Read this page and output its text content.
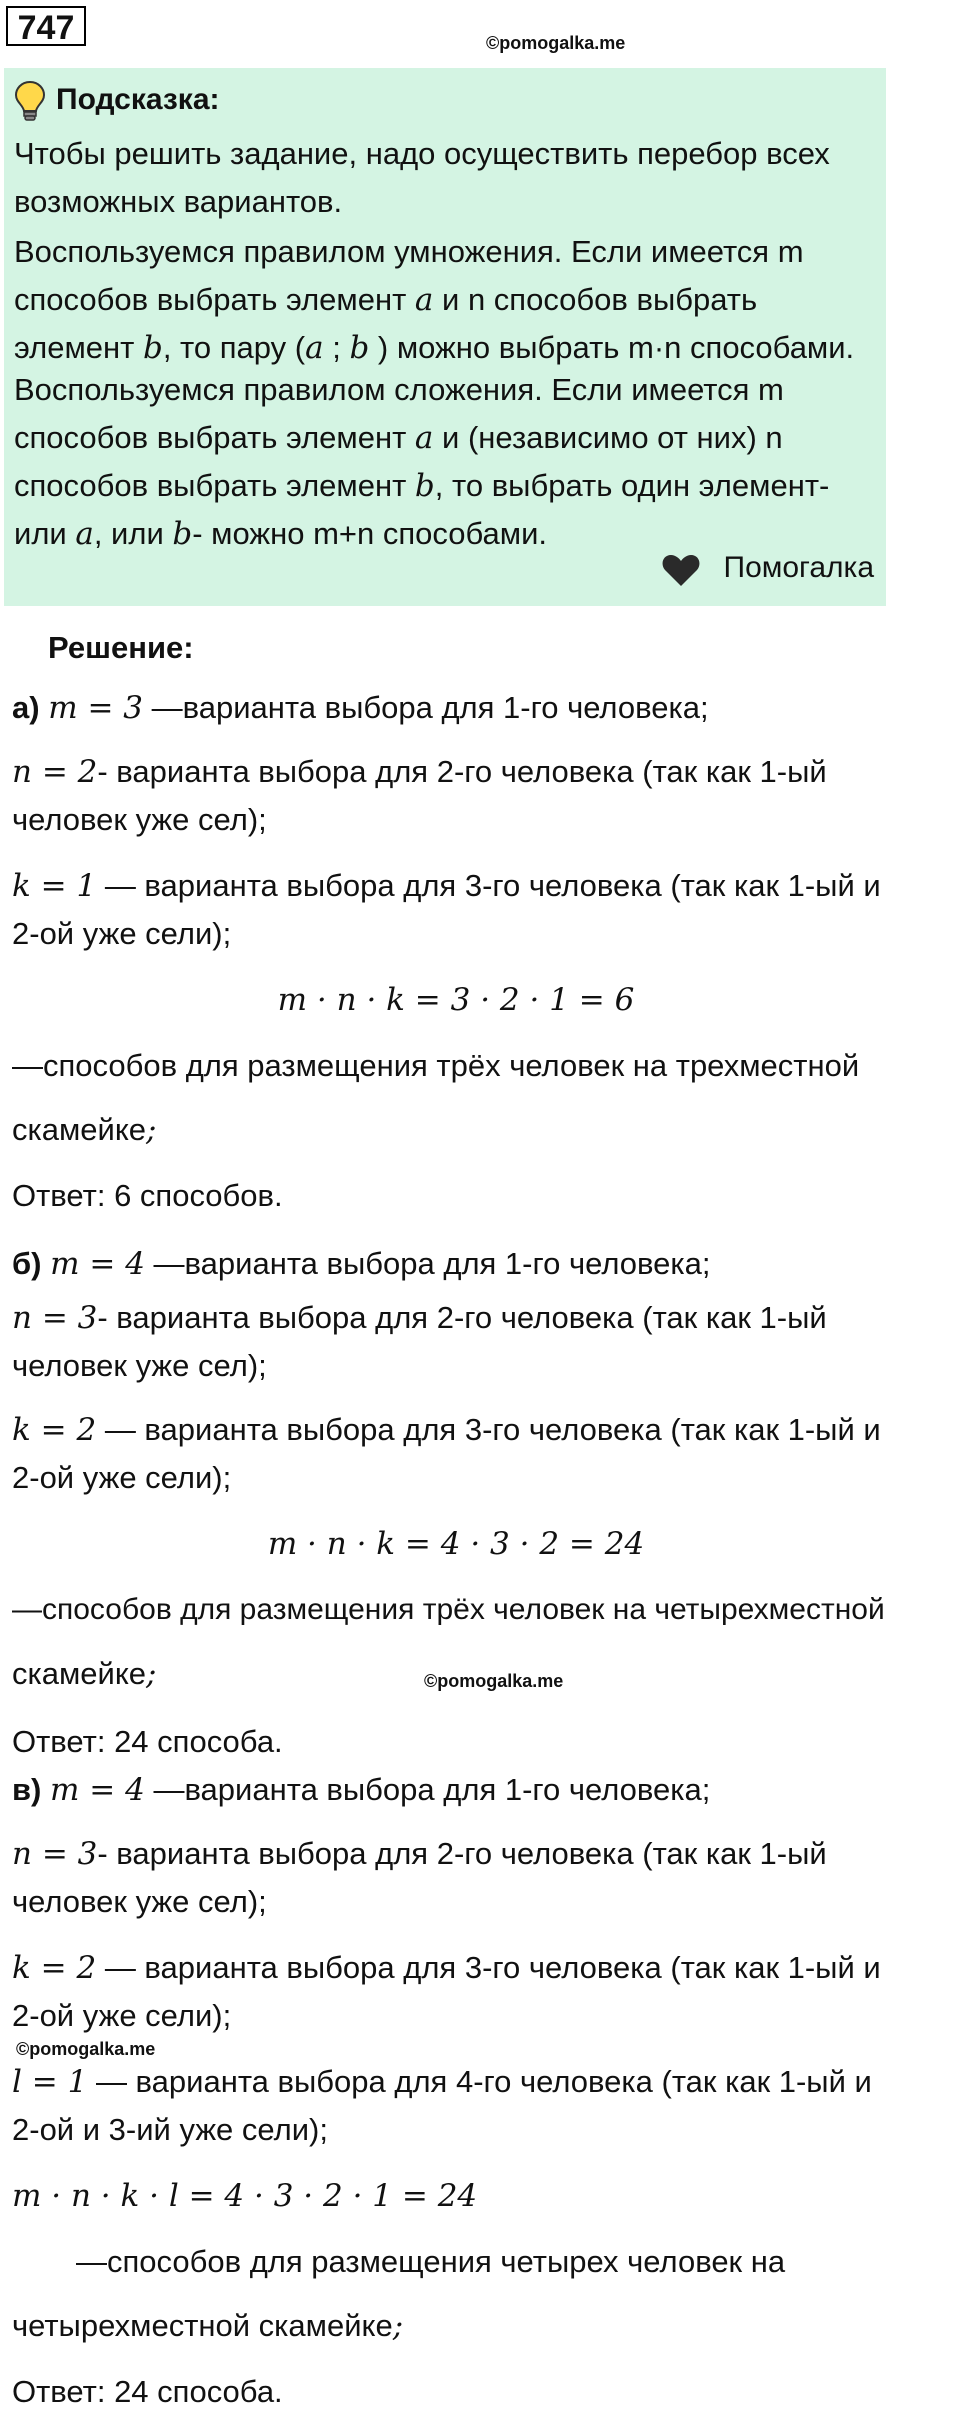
747	©pomogalka.me
Подсказка:

Чтобы решить задание, надо осуществить перебор всех возможных вариантов.

Воспользуемся правилом умножения. Если имеется m
способов выбрать элемент a и n способов выбрать
элемент b, то пару (a ; b ) можно выбрать m·n способами.

Воспользуемся правилом сложения. Если имеется m
способов выбрать элемент a и (независимо от них) n
способов выбрать элемент b, то выбрать один элемент-
или a, или b- можно m+n способами.

Помогалка
Решение:
а) m = 3 —варианта выбора для 1-го человека;
n = 2- варианта выбора для 2-го человека (так как 1-ый
человек уже сел);
k = 1 — варианта выбора для 3-го человека (так как 1-ый и
2-ой уже сели);
m · n · k = 3 · 2 · 1 = 6
—способов для размещения трёх человек на трехместной
скамейке;
Ответ: 6 способов.
б) m = 4 —варианта выбора для 1-го человека;
n = 3- варианта выбора для 2-го человека (так как 1-ый
человек уже сел);
k = 2 — варианта выбора для 3-го человека (так как 1-ый и
2-ой уже сели);
m · n · k = 4 · 3 · 2 = 24
—способов для размещения трёх человек на четырехместной
скамейке;	©pomogalka.me
Ответ: 24 способа.
в) m = 4 —варианта выбора для 1-го человека;
n = 3- варианта выбора для 2-го человека (так как 1-ый
человек уже сел);
k = 2 — варианта выбора для 3-го человека (так как 1-ый и
2-ой уже сели);
©pomogalka.me
l = 1 — варианта выбора для 4-го человека (так как 1-ый и
2-ой и 3-ий уже сели);
m · n · k · l = 4 · 3 · 2 · 1 = 24
—способов для размещения четырех человек на
четырехместной скамейке;
Ответ: 24 способа.
